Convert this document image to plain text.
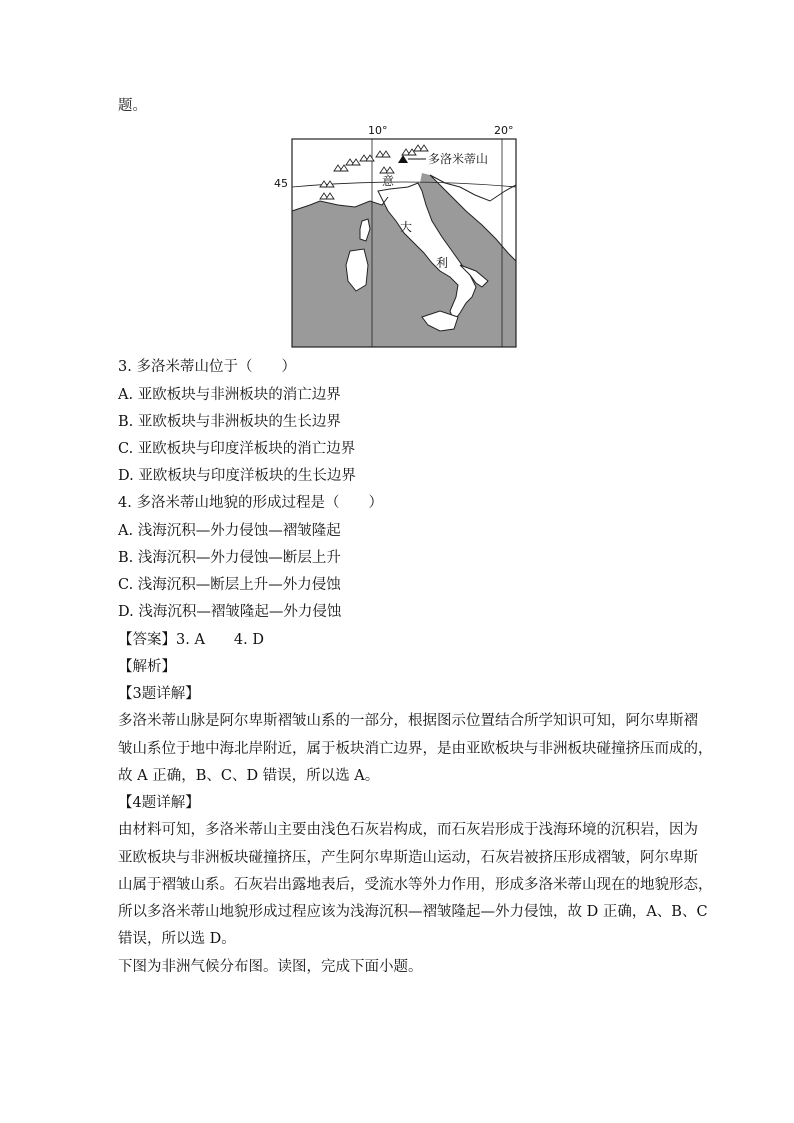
题。
多洛米蒂山
10°	20°
45	意
大
利
3. 多洛米蒂山位于（　　）
A. 亚欧板块与非洲板块的消亡边界
B. 亚欧板块与非洲板块的生长边界
C. 亚欧板块与印度洋板块的消亡边界
D. 亚欧板块与印度洋板块的生长边界
4. 多洛米蒂山地貌的形成过程是（　　）
A. 浅海沉积—外力侵蚀—褶皱隆起
B. 浅海沉积—外力侵蚀—断层上升
C. 浅海沉积—断层上升—外力侵蚀
D. 浅海沉积—褶皱隆起—外力侵蚀
【答案】3. A　　4. D
【解析】
【3题详解】
多洛米蒂山脉是阿尔卑斯褶皱山系的一部分，根据图示位置结合所学知识可知，阿尔卑斯褶
皱山系位于地中海北岸附近，属于板块消亡边界，是由亚欧板块与非洲板块碰撞挤压而成的，
故 A 正确，B、C、D 错误，所以选 A。
【4题详解】
由材料可知，多洛米蒂山主要由浅色石灰岩构成，而石灰岩形成于浅海环境的沉积岩，因为
亚欧板块与非洲板块碰撞挤压，产生阿尔卑斯造山运动，石灰岩被挤压形成褶皱，阿尔卑斯
山属于褶皱山系。石灰岩出露地表后，受流水等外力作用，形成多洛米蒂山现在的地貌形态，
所以多洛米蒂山地貌形成过程应该为浅海沉积—褶皱隆起—外力侵蚀，故 D 正确，A、B、C
错误，所以选 D。
下图为非洲气候分布图。读图，完成下面小题。
